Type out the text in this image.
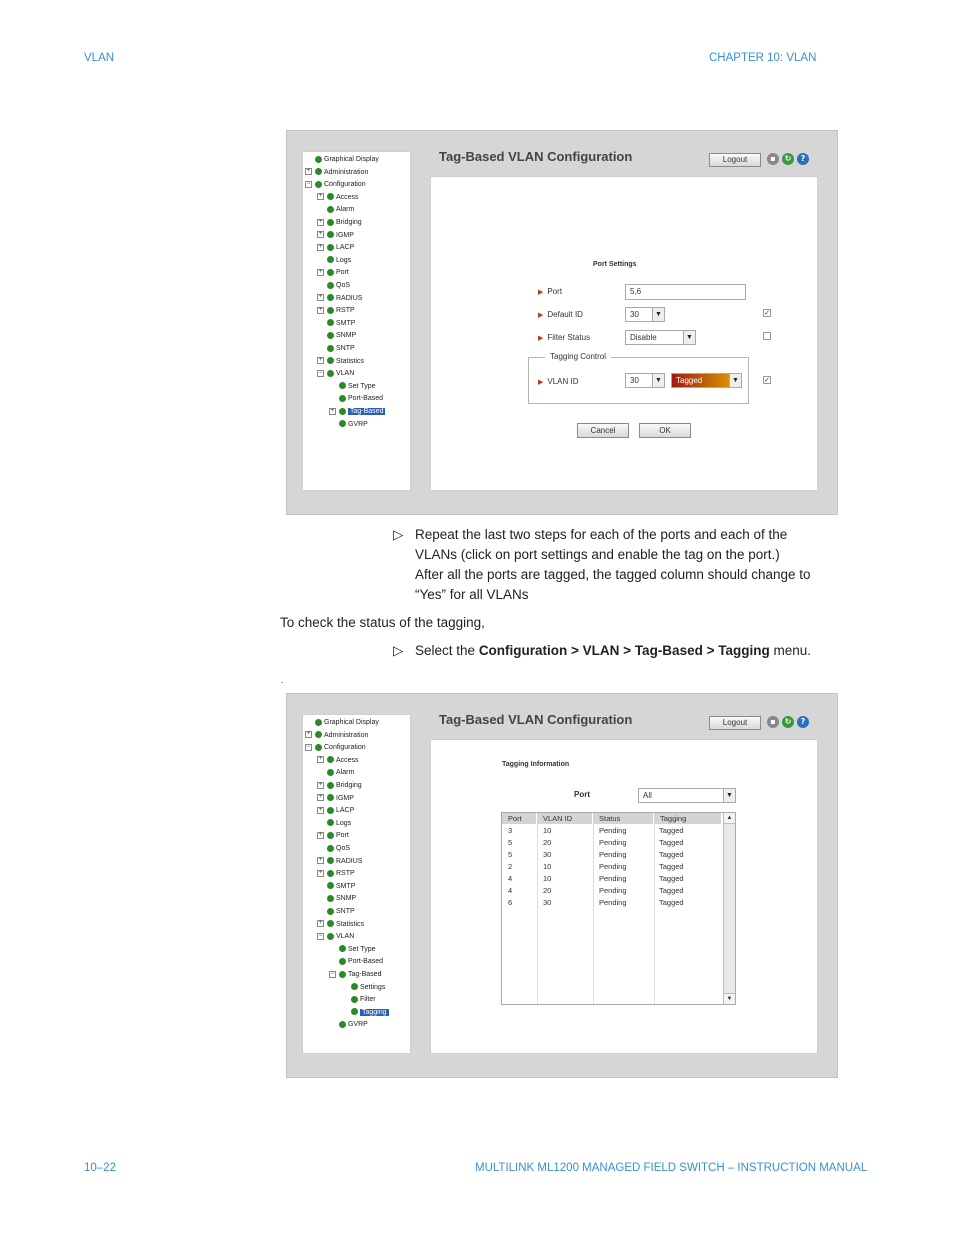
VLAN	CHAPTER 10: VLAN
Graphical Display
+ Administration
− Configuration
+ Access
Alarm
+ Bridging
+ IGMP
+ LACP
Logs
+ Port
QoS
+ RADIUS
+ RSTP
SMTP
SNMP
SNTP
+ Statistics
− VLAN
Set Type
Port-Based
+ Tag-Based
GVRP
Tag-Based VLAN Configuration	Logout	▪	↻	?
Port Settings
▶ Port	5,6
▶ Default ID	30	▼	✓
▶ Filter Status	Disable	▼
Tagging Control
▶ VLAN ID	30	▼	Tagged	▼	✓
Cancel	OK
▷ Repeat the last two steps for each of the ports and each of the
VLANs (click on port settings and enable the tag on the port.)
After all the ports are tagged, the tagged column should change to
“Yes” for all VLANs
To check the status of the tagging,
▷ Select the Configuration > VLAN > Tag-Based > Tagging menu.
.
Graphical Display
+ Administration
− Configuration
+ Access
Alarm
+ Bridging
+ IGMP
+ LACP
Logs
+ Port
QoS
+ RADIUS
+ RSTP
SMTP
SNMP
SNTP
+ Statistics
− VLAN
Set Type
Port-Based
− Tag-Based
Settings
Filter
Tagging
GVRP
Tag-Based VLAN Configuration	Logout	▪	↻	?
Tagging Information
Port	All	▼
Port	VLAN ID	Status	Tagging
3	10	Pending	Tagged
5	20	Pending	Tagged
5	30	Pending	Tagged
2	10	Pending	Tagged
4	10	Pending	Tagged
4	20	Pending	Tagged
6	30	Pending	Tagged
▲
▼
10–22	MULTILINK ML1200 MANAGED FIELD SWITCH – INSTRUCTION MANUAL
